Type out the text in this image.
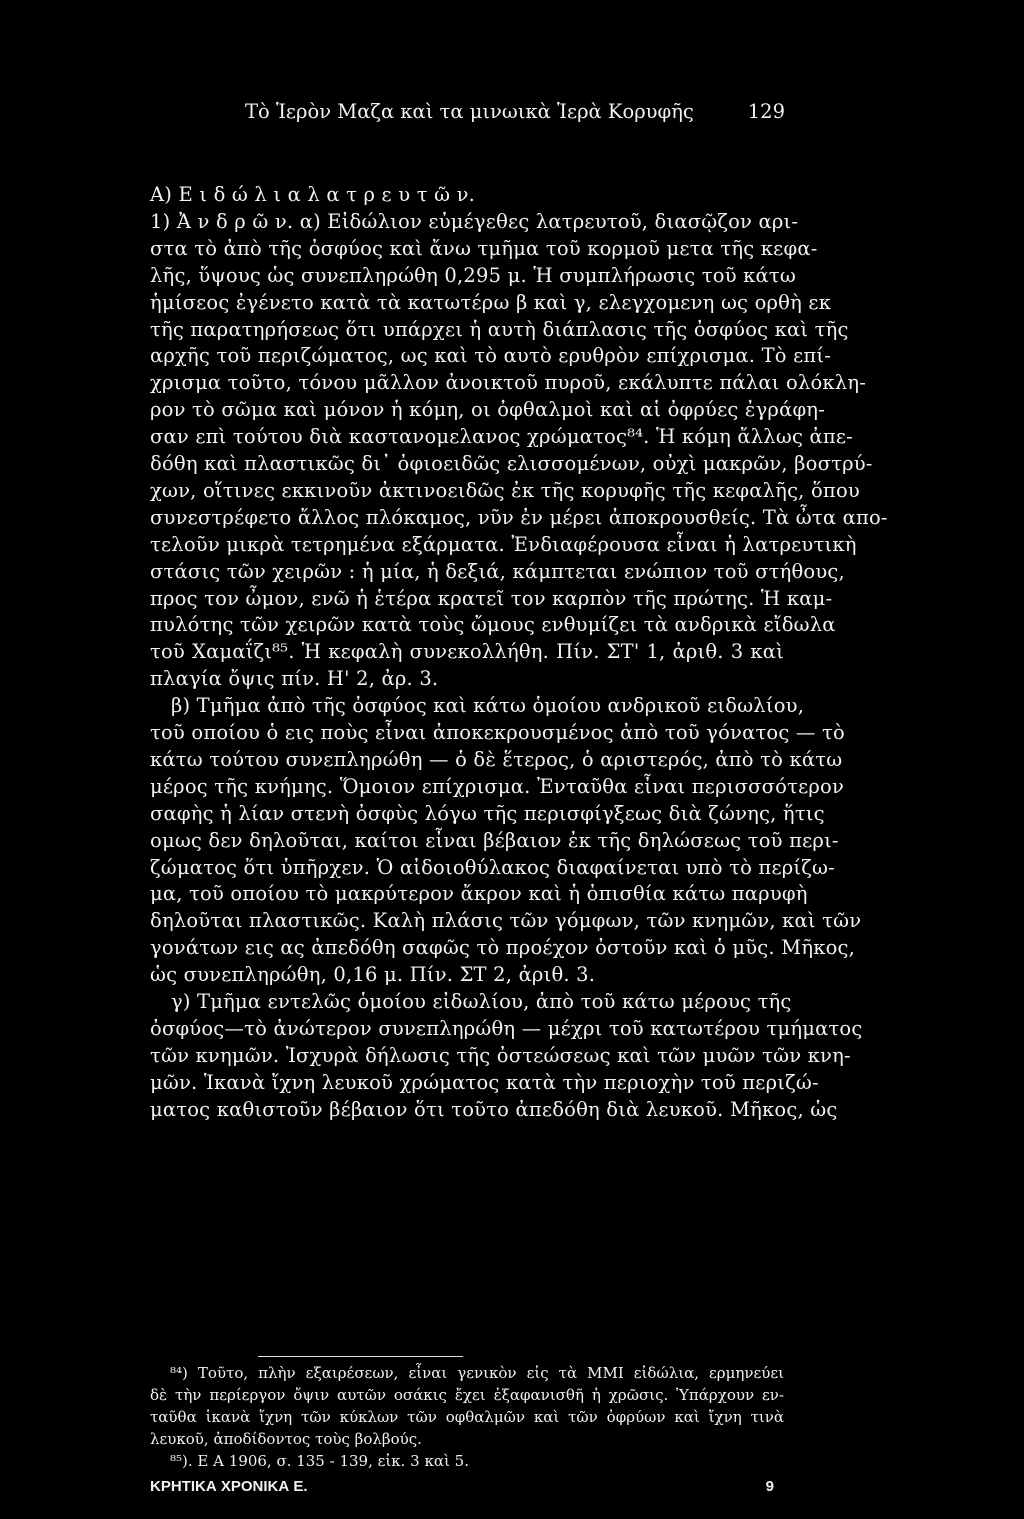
Τὸ Ἱερὸν Μαζα καὶ τα μινωικὰ Ἱερὰ Κορυφῆς	129
Α) Ε ι δ ώ λ ι α λ α τ ρ ε υ τ ῶ ν.
1) Ἀ ν δ ρ ῶ ν. α) Εἰδώλιον εὐμέγεθες λατρευτοῦ, διασῷζον αρι-
στα τὸ ἀπὸ τῆς ὀσφύος καὶ ἄνω τμῆμα τοῦ κορμοῦ μετα τῆς κεφα-
λῆς, ὕψους ὡς συνεπληρώθη 0,295 μ. Ἡ συμπλήρωσις τοῦ κάτω
ἡμίσεος ἐγένετο κατὰ τὰ κατωτέρω β καὶ γ, ελεγχομενη ως ορθὴ εκ
τῆς παρατηρήσεως ὅτι υπάρχει ἡ αυτὴ διάπλασις τῆς ὀσφύος καὶ τῆς
αρχῆς τοῦ περιζώματος, ως καὶ τὸ αυτὸ ερυθρὸν επίχρισμα. Τὸ επί-
χρισμα τοῦτο, τόνου μᾶλλον ἀνοικτοῦ πυροῦ, εκάλυπτε πάλαι ολόκλη-
ρον τὸ σῶμα καὶ μόνον ἡ κόμη, οι ὀφθαλμοὶ καὶ αἱ ὀφρύες ἐγράφη-
σαν επὶ τούτου διὰ καστανομελανος χρώματος⁸⁴. Ἡ κόμη ἄλλως ἀπε-
δόθη καὶ πλαστικῶς δι᾿ ὀφιοειδῶς ελισσομένων, οὐχὶ μακρῶν, βοστρύ-
χων, οἵτινες εκκινοῦν ἀκτινοειδῶς ἐκ τῆς κορυφῆς τῆς κεφαλῆς, ὅπου
συνεστρέφετο ἄλλος πλόκαμος, νῦν ἐν μέρει ἀποκρουσθείς. Τὰ ὦτα απο-
τελοῦν μικρὰ τετρημένα εξάρματα. Ἐνδιαφέρουσα εἶναι ἡ λατρευτικὴ
στάσις τῶν χειρῶν : ἡ μία, ἡ δεξιά, κάμπτεται ενώπιον τοῦ στήθους,
προς τον ὦμον, ενῶ ἡ ἑτέρα κρατεῖ τον καρπὸν τῆς πρώτης. Ἡ καμ-
πυλότης τῶν χειρῶν κατὰ τοὺς ὤμους ενθυμίζει τὰ ανδρικὰ εἴδωλα
τοῦ Χαμαΐζι⁸⁵. Ἡ κεφαλὴ συνεκολλήθη. Πίν. ΣΤ' 1, ἀριθ. 3 καὶ
πλαγία ὄψις πίν. Η' 2, ἀρ. 3.
β) Τμῆμα ἀπὸ τῆς ὀσφύος καὶ κάτω ὁμοίου ανδρικοῦ ειδωλίου,
τοῦ οποίου ὁ εις ποὺς εἶναι ἀποκεκρουσμένος ἀπὸ τοῦ γόνατος — τὸ
κάτω τούτου συνεπληρώθη — ὁ δὲ ἕτερος, ὁ αριστερός, ἀπὸ τὸ κάτω
μέρος τῆς κνήμης. Ὅμοιον επίχρισμα. Ἐνταῦθα εἶναι περισσσότερον
σαφὴς ἡ λίαν στενὴ ὀσφὺς λόγω τῆς περισφίγξεως διὰ ζώνης, ἥτις
ομως δεν δηλοῦται, καίτοι εἶναι βέβαιον ἐκ τῆς δηλώσεως τοῦ περι-
ζώματος ὅτι ὑπῆρχεν. Ὁ αἰδοιοθύλακος διαφαίνεται υπὸ τὸ περίζω-
μα, τοῦ οποίου τὸ μακρύτερον ἄκρον καὶ ἡ ὀπισθία κάτω παρυφὴ
δηλοῦται πλαστικῶς. Καλὴ πλάσις τῶν γόμφων, τῶν κνημῶν, καὶ τῶν
γονάτων εις ας ἀπεδόθη σαφῶς τὸ προέχον ὀστοῦν καὶ ὁ μῦς. Μῆκος,
ὡς συνεπληρώθη, 0,16 μ. Πίν. ΣΤ 2, ἀριθ. 3.
γ) Τμῆμα εντελῶς ὁμοίου εἰδωλίου, ἀπὸ τοῦ κάτω μέρους τῆς
ὀσφύος—τὸ ἀνώτερον συνεπληρώθη — μέχρι τοῦ κατωτέρου τμήματος
τῶν κνημῶν. Ἰσχυρὰ δήλωσις τῆς ὀστεώσεως καὶ τῶν μυῶν τῶν κνη-
μῶν. Ἱκανὰ ἴχνη λευκοῦ χρώματος κατὰ τὴν περιοχὴν τοῦ περιζώ-
ματος καθιστοῦν βέβαιον ὅτι τοῦτο ἀπεδόθη διὰ λευκοῦ. Μῆκος, ὡς
⁸⁴) Τοῦτο, πλὴν εξαιρέσεων, εἶναι γενικὸν εἰς τὰ ΜΜΙ εἰδώλια, ερμηνεύει
δὲ τὴν περίεργον ὄψιν αυτῶν οσάκις ἔχει ἐξαφανισθῆ ἡ χρῶσις. Ὑπάρχουν εν-
ταῦθα ἱκανὰ ἴχνη τῶν κύκλων τῶν οφθαλμῶν καὶ τῶν ὀφρύων καὶ ἴχνη τινὰ
λευκοῦ, ἀποδίδοντος τοὺς βολβούς.
⁸⁵). Ε Α 1906, σ. 135 - 139, εἰκ. 3 καὶ 5.
ΚΡΗΤΙΚΑ ΧΡΟΝΙΚΑ Ε.	9
